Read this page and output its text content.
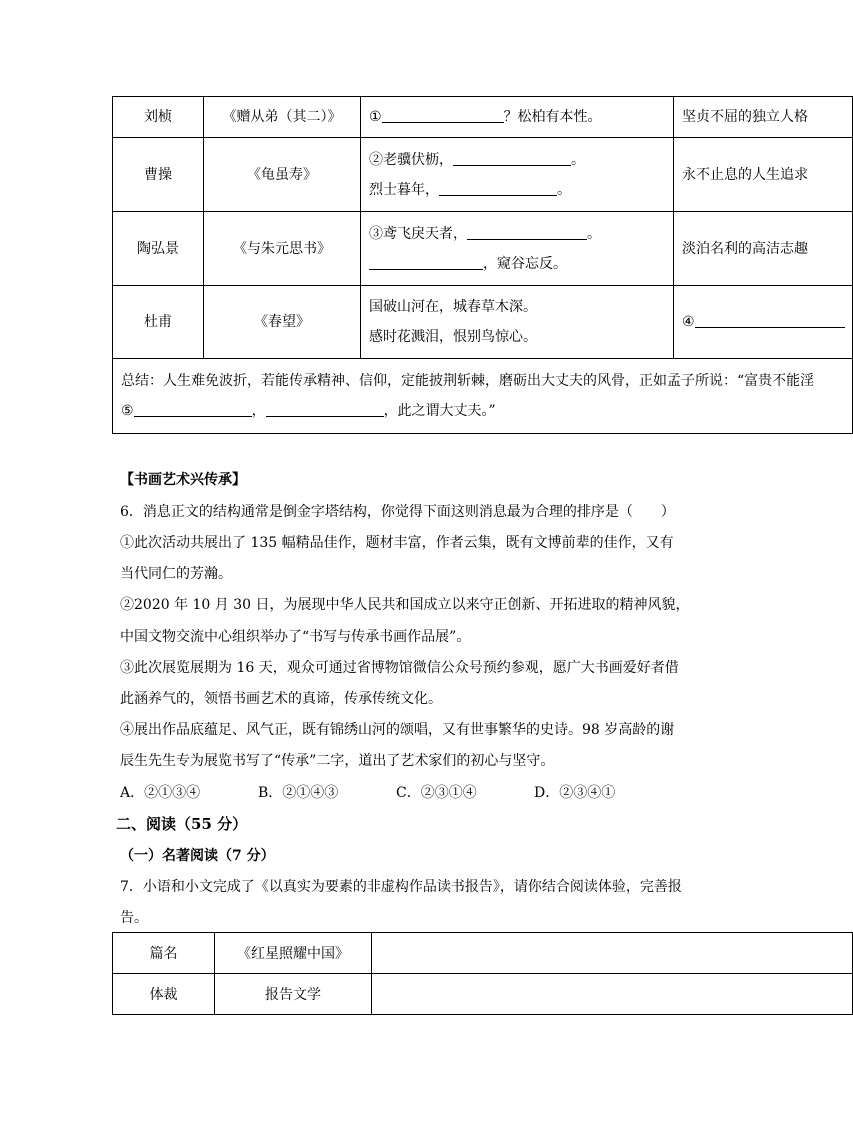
刘桢	《赠从弟（其二）》	① ？松柏有本性。	坚贞不屈的独立人格
曹操	《龟虽寿》	②老骥伏枥， 。
烈士暮年， 。	永不止息的人生追求
陶弘景	《与朱元思书》	③鸢飞戾天者， 。
，窥谷忘反。	淡泊名利的高洁志趣
杜甫	《春望》	国破山河在，城春草木深。
感时花溅泪，恨别鸟惊心。	④

总结：人生难免波折，若能传承精神、信仰，定能披荆斩棘，磨砺出大丈夫的风骨，正如孟子所说：“富贵不能淫
⑤ ， ，此之谓大丈夫。”			
【书画艺术兴传承】
6．消息正文的结构通常是倒金字塔结构，你觉得下面这则消息最为合理的排序是（　　）
①此次活动共展出了 135 幅精品佳作，题材丰富，作者云集，既有文博前辈的佳作，又有
当代同仁的芳瀚。
②2020 年 10 月 30 日，为展现中华人民共和国成立以来守正创新、开拓进取的精神风貌，
中国文物交流中心组织举办了“书写与传承书画作品展”。
③此次展览展期为 16 天，观众可通过省博物馆微信公众号预约参观，愿广大书画爱好者借
此涵养气的，领悟书画艺术的真谛，传承传统文化。
④展出作品底蕴足、风气正，既有锦绣山河的颂唱，又有世事繁华的史诗。98 岁高龄的谢
辰生先生专为展览书写了“传承”二字，道出了艺术家们的初心与坚守。
A．②①③④	B．②①④③	C．②③①④	D．②③④①
二、阅读（55 分）
（一）名著阅读（7 分）
7．小语和小文完成了《以真实为要素的非虚构作品读书报告》，请你结合阅读体验，完善报
告。
篇名	《红星照耀中国》	
体裁	报告文学	
